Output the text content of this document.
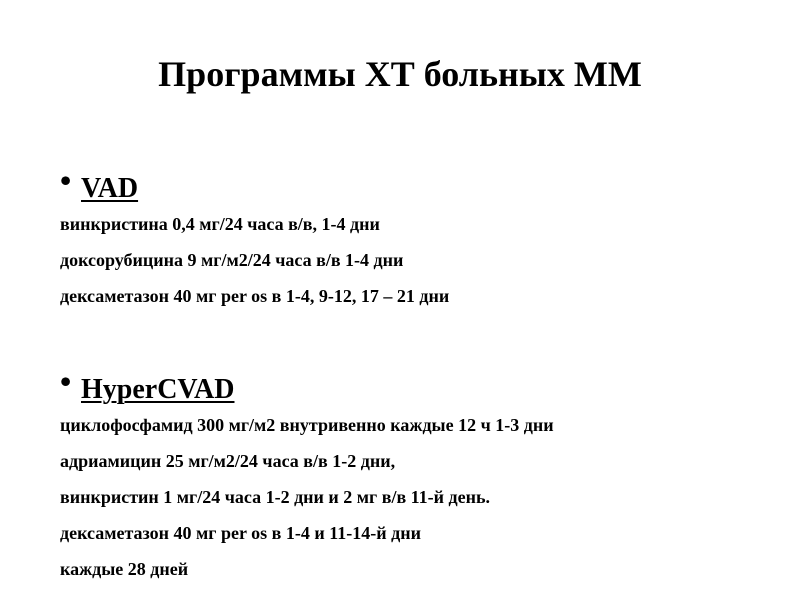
Программы ХТ больных ММ
• VAD
винкристина 0,4 мг/24 часа в/в, 1-4 дни
доксорубицина 9 мг/м2/24 часа в/в 1-4 дни
дексаметазон 40 мг per os в 1-4, 9-12, 17 – 21 дни
• HyperCVAD
циклофосфамид 300 мг/м2 внутривенно каждые 12 ч 1-3 дни
адриамицин 25 мг/м2/24 часа в/в 1-2 дни,
винкристин 1 мг/24 часа 1-2 дни и 2 мг в/в 11-й день.
дексаметазон 40 мг per os в 1-4 и 11-14-й дни
каждые 28 дней
